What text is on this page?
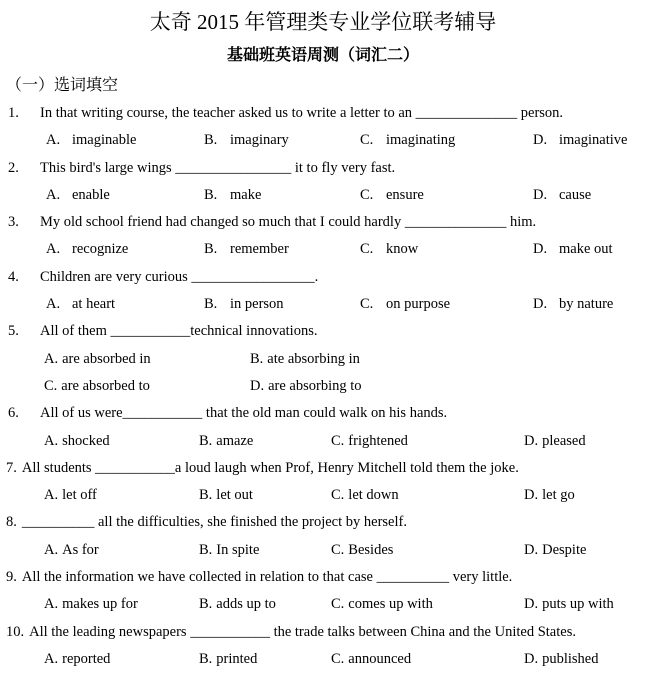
太奇 2015 年管理类专业学位联考辅导
基础班英语周测（词汇二）
（一）选词填空
1. In that writing course, the teacher asked us to write a letter to an ______________ person.
A. imaginable	B. imaginary	C. imaginating	D. imaginative
2. This bird's large wings ________________ it to fly very fast.
A. enable	B. make	C. ensure	D. cause
3. My old school friend had changed so much that I could hardly ______________ him.
A. recognize	B. remember	C. know	D. make out
4. Children are very curious _________________.
A. at heart	B. in person	C. on purpose	D. by nature
5. All of them ___________technical innovations.
A. are absorbed in	B. ate absorbing in
C. are absorbed to	D. are absorbing to
6. All of us were___________ that the old man could walk on his hands.
A. shocked	B. amaze	C. frightened	D. pleased
7. All students ___________a loud laugh when Prof, Henry Mitchell told them the joke.
A. let off	B. let out	C. let down	D. let go
8. __________ all the difficulties, she finished the project by herself.
A. As for	B. In spite	C. Besides	D. Despite
9. All the information we have collected in relation to that case __________ very little.
A. makes up for	B. adds up to	C. comes up with	D. puts up with
10. All the leading newspapers ___________ the trade talks between China and the United States.
A. reported	B. printed	C. announced	D. published
